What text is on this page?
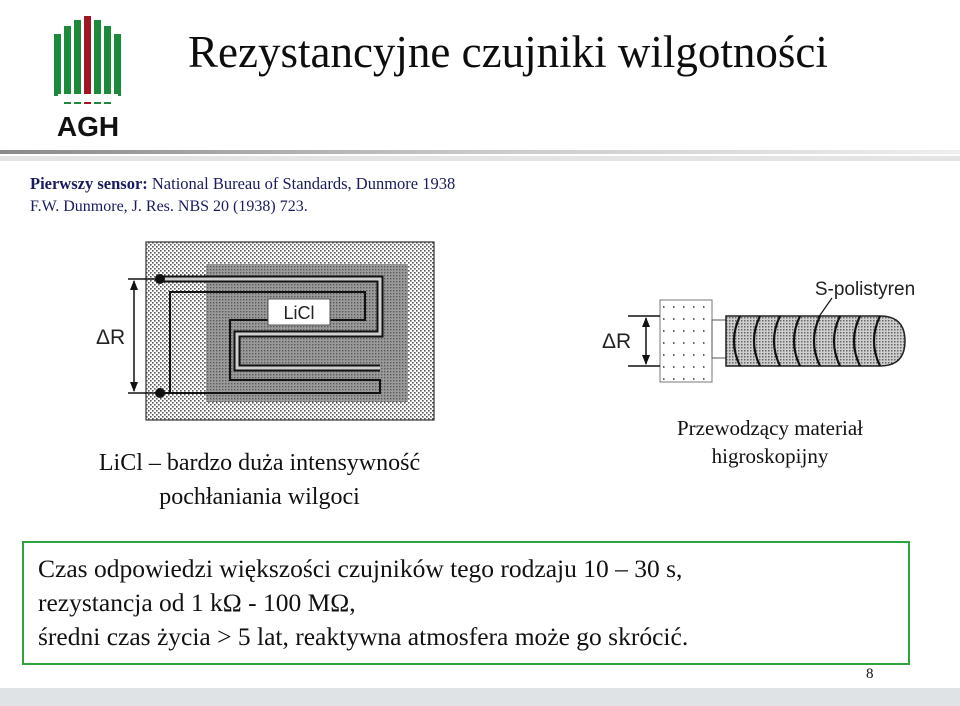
AGH
Rezystancyjne czujniki wilgotności
Pierwszy sensor: National Bureau of Standards, Dunmore 1938
F.W. Dunmore, J. Res. NBS 20 (1938) 723.
LiCl
ΔR
S-polistyren
ΔR
LiCl – bardzo duża intensywność
pochłaniania wilgoci
Przewodzący materiał
higroskopijny
Czas odpowiedzi większości czujników tego rodzaju 10 – 30 s,
rezystancja od 1 kΩ - 100 MΩ,
średni czas życia > 5 lat, reaktywna atmosfera może go skrócić.
8
